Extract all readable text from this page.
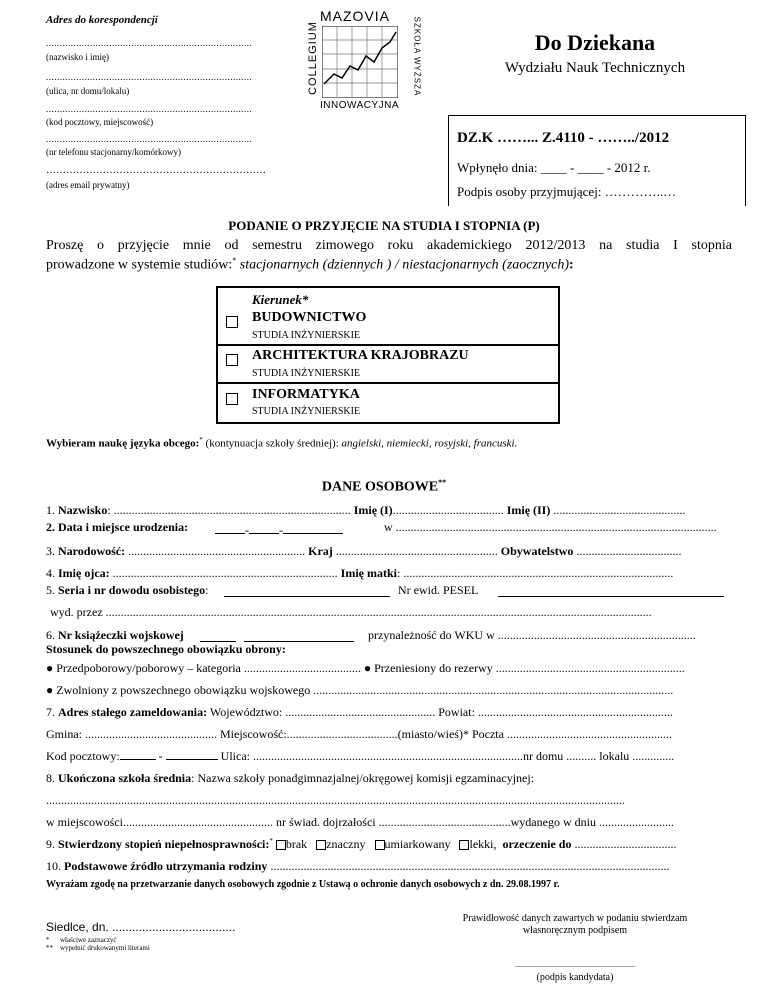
Adres do korespondencji
...........................................................................
(nazwisko i imię)
...........................................................................
(ulica, nr domu/lokalu)
...........................................................................
(kod pocztowy, miejscowość)
...........................................................................
(nr telefonu stacjonarny/komórkowy)
…………………………………………………………
(adres email prywatny)
MAZOVIA
COLLEGIUM	SZKOŁA WYŻSZA
INNOWACYJNA
Do Dziekana
Wydziału Nauk Technicznych
DZ.K ……... Z.4110 - ……../2012
Wpłynęło dnia: ____ - ____ - 2012 r.
Podpis osoby przyjmującej: …………..…
PODANIE O PRZYJĘCIE NA STUDIA I STOPNIA (P)
Proszę o przyjęcie mnie od semestru zimowego roku akademickiego 2012/2013 na studia I stopnia
prowadzone w systemie studiów:* stacjonarnych (dziennych ) / niestacjonarnych (zaocznych):
Kierunek*
BUDOWNICTWO
STUDIA INŻYNIERSKIE
ARCHITEKTURA KRAJOBRAZU
STUDIA INŻYNIERSKIE
INFORMATYKA
STUDIA INŻYNIERSKIE
Wybieram naukę języka obcego:* (kontynuacja szkoły średniej): angielski, niemiecki, rosyjski, francuski.
DANE OSOBOWE**
1. Nazwisko: ............................................................................... Imię (I)..................................... Imię (II) ............................................
2. Data i miejsce urodzenia:	-	-	w ...........................................................................................................
3. Narodowość: ........................................................... Kraj ...................................................... Obywatelstwo ...................................
4. Imię ojca: ........................................................................... Imię matki: ..........................................................................................
5. Seria i nr dowodu osobistego:	Nr ewid. PESEL
wyd. przez ......................................................................................................................................................................................
6. Nr książeczki wojskowej
	przynależność do WKU w ..................................................................
Stosunek do powszechnego obowiązku obrony:
● Przedpoborowy/poborowy – kategoria ....................................... ● Przeniesiony do rezerwy ...............................................................
● Zwolniony z powszechnego obowiązku wojskowego ........................................................................................................................
7. Adres stałego zameldowania: Województwo: .................................................. Powiat: .................................................................
Gmina: ............................................ Miejscowość:.....................................(miasto/wieś)* Poczta .......................................................
Kod pocztowy:	-	Ulica: ..........................................................................................nr domu .......... lokalu ..............
8. Ukończona szkoła średnia: Nazwa szkoły ponadgimnazjalnej/okręgowej komisji egzaminacyjnej:
.................................................................................................................................................................................................
w miejscowości.................................................. nr świad. dojrzałości ............................................wydanego w dniu .........................
9. Stwierdzony stopień niepełnosprawności:* brak znaczny umiarkowany lekki, orzeczenie do ..................................
10. Podstawowe źródło utrzymania rodziny .....................................................................................................................................
Wyrażam zgodę na przetwarzanie danych osobowych zgodnie z Ustawą o ochronie danych osobowych z dn. 29.08.1997 r.
Siedlce, dn. .....................................
* właściwe zaznaczyć
** wypełnić drukowanymi literami
Prawidłowość danych zawartych w podaniu stwierdzam
własnoręcznym podpisem
............................................................
(podpis kandydata)
